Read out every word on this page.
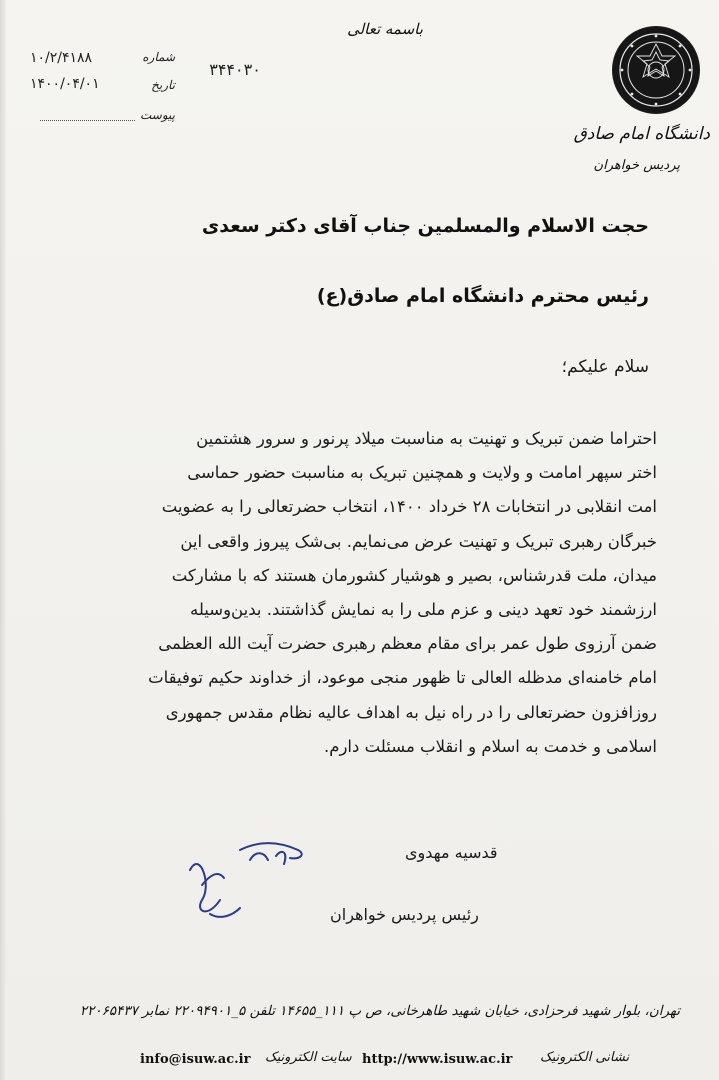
دانشگاه امام صادق
پردیس خواهران
باسمه تعالی
۳۴۴۰۳۰
شماره
۱۰/۲/۴۱۸۸
تاریخ
۱۴۰۰/۰۴/۰۱
پیوست
حجت الاسلام والمسلمین جناب آقای دکتر سعدی
رئیس محترم دانشگاه امام صادق(ع)
سلام علیکم؛

احتراما ضمن تبریک و تهنیت به مناسبت میلاد پرنور و سرور هشتمین

اختر سپهر امامت و ولایت و همچنین تبریک به مناسبت حضور حماسی

امت انقلابی در انتخابات ۲۸ خرداد ۱۴۰۰، انتخاب حضرتعالی را به عضویت

خبرگان رهبری تبریک و تهنیت عرض می‌نمایم. بی‌شک پیروز واقعی این

میدان، ملت قدرشناس، بصیر و هوشیار کشورمان هستند که با مشارکت

ارزشمند خود تعهد دینی و عزم ملی را به نمایش گذاشتند. بدین‌وسیله

ضمن آرزوی طول عمر برای مقام معظم رهبری حضرت آیت الله العظمی

امام خامنه‌ای مدظله العالی تا ظهور منجی موعود، از خداوند حکیم توفیقات

روزافزون حضرتعالی را در راه نیل به اهداف عالیه نظام مقدس جمهوری

اسلامی و خدمت به اسلام و انقلاب مسئلت دارم.

قدسیه مهدوی
رئیس پردیس خواهران
تهران، بلوار شهید فرحزادی، خیابان شهید طاهرخانی، ص پ ۱۱۱_۱۴۶۵۵ تلفن ۵_۲۲۰۹۴۹۰۱ نمابر ۲۲۰۶۵۴۳۷
نشانی الکترونیک
http://www.isuw.ac.ir
سایت الکترونیک
info@isuw.ac.ir
